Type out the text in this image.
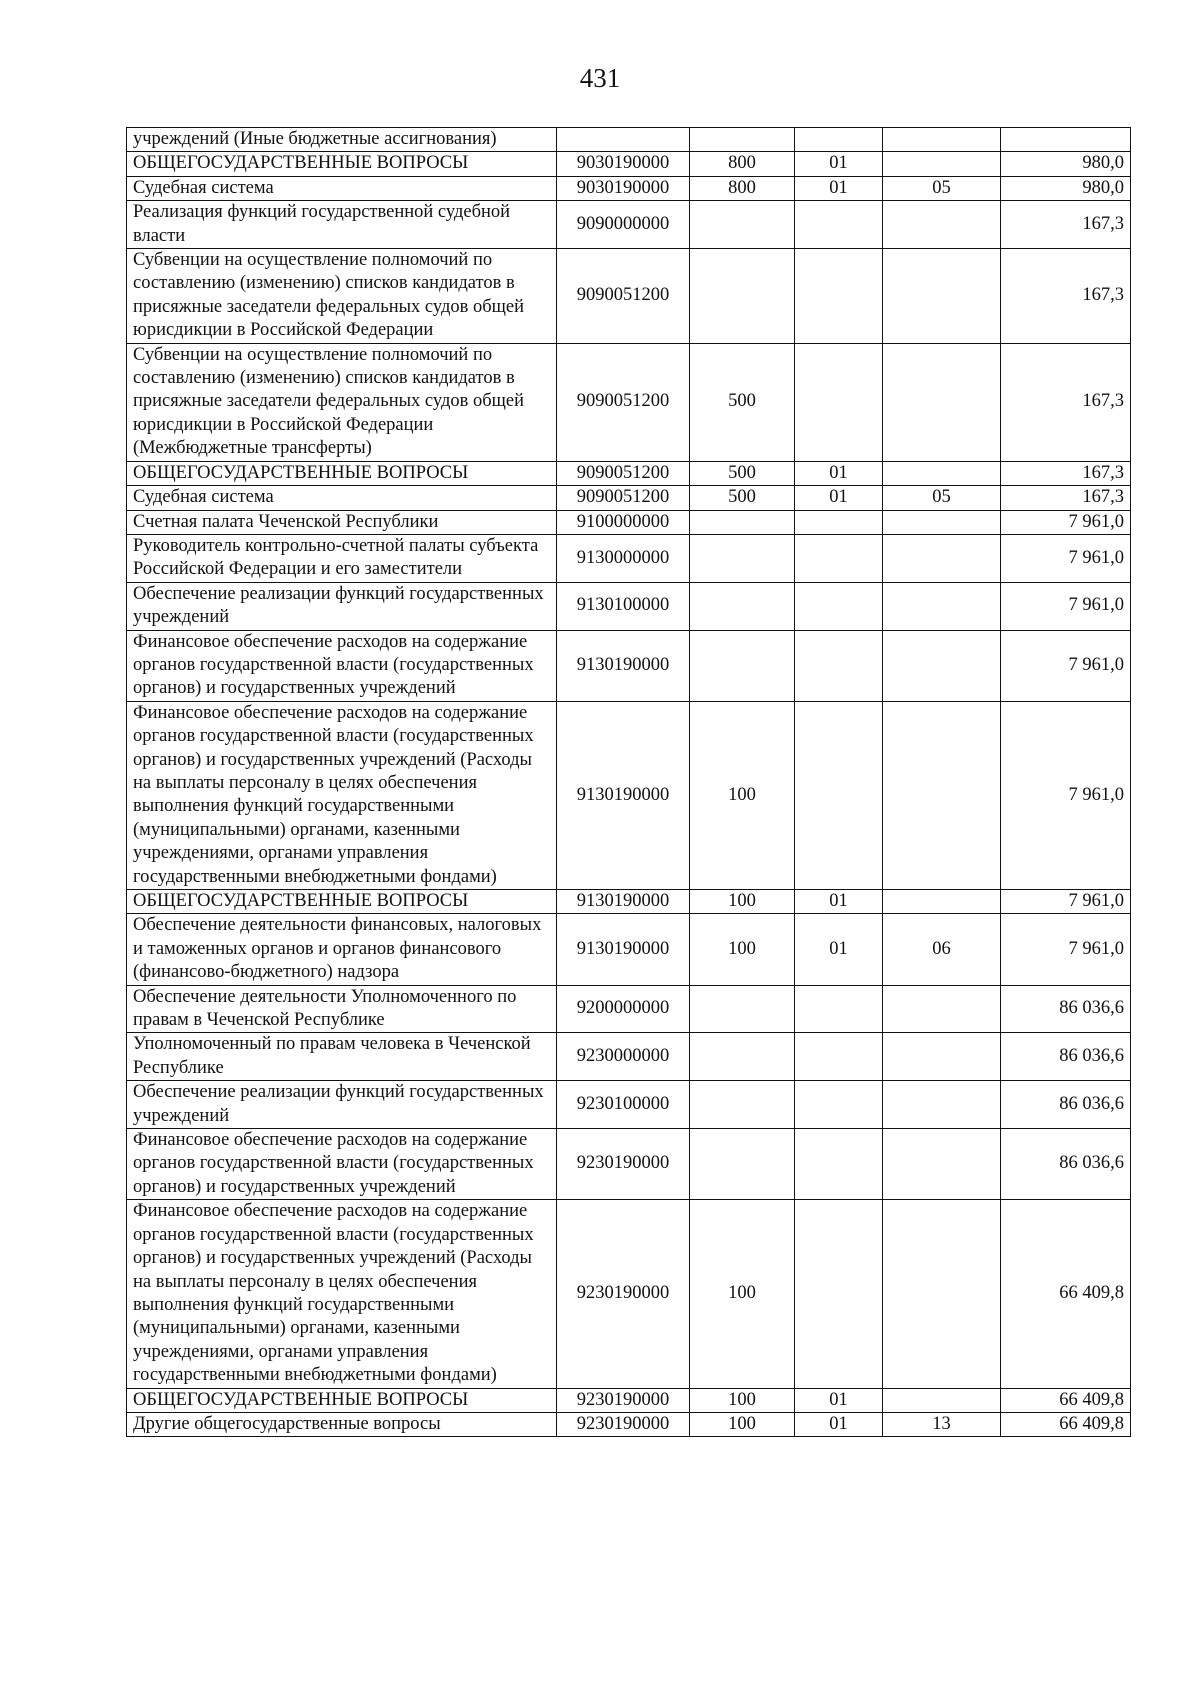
431
учреждений (Иные бюджетные ассигнования)					
ОБЩЕГОСУДАРСТВЕННЫЕ ВОПРОСЫ	9030190000	800	01		980,0
Судебная система	9030190000	800	01	05	980,0
Реализация функций государственной судебной власти	9090000000				167,3
Субвенции на осуществление полномочий по составлению (изменению) списков кандидатов в присяжные заседатели федеральных судов общей юрисдикции в Российской Федерации	9090051200				167,3
Субвенции на осуществление полномочий по составлению (изменению) списков кандидатов в присяжные заседатели федеральных судов общей юрисдикции в Российской Федерации (Межбюджетные трансферты)	9090051200	500			167,3
ОБЩЕГОСУДАРСТВЕННЫЕ ВОПРОСЫ	9090051200	500	01		167,3
Судебная система	9090051200	500	01	05	167,3
Счетная палата Чеченской Республики	9100000000				7 961,0
Руководитель контрольно-счетной палаты субъекта Российской Федерации и его заместители	9130000000				7 961,0
Обеспечение реализации функций государственных учреждений	9130100000				7 961,0
Финансовое обеспечение расходов на содержание органов государственной власти (государственных органов) и государственных учреждений	9130190000				7 961,0
Финансовое обеспечение расходов на содержание органов государственной власти (государственных органов) и государственных учреждений (Расходы на выплаты персоналу в целях обеспечения выполнения функций государственными (муниципальными) органами, казенными учреждениями, органами управления государственными внебюджетными фондами)	9130190000	100			7 961,0
ОБЩЕГОСУДАРСТВЕННЫЕ ВОПРОСЫ	9130190000	100	01		7 961,0
Обеспечение деятельности финансовых, налоговых и таможенных органов и органов финансового (финансово-бюджетного) надзора	9130190000	100	01	06	7 961,0
Обеспечение деятельности Уполномоченного по правам в Чеченской Республике	9200000000				86 036,6
Уполномоченный по правам человека в Чеченской Республике	9230000000				86 036,6
Обеспечение реализации функций государственных учреждений	9230100000				86 036,6
Финансовое обеспечение расходов на содержание органов государственной власти (государственных органов) и государственных учреждений	9230190000				86 036,6
Финансовое обеспечение расходов на содержание органов государственной власти (государственных органов) и государственных учреждений (Расходы на выплаты персоналу в целях обеспечения выполнения функций государственными (муниципальными) органами, казенными учреждениями, органами управления государственными внебюджетными фондами)	9230190000	100			66 409,8
ОБЩЕГОСУДАРСТВЕННЫЕ ВОПРОСЫ	9230190000	100	01		66 409,8
Другие общегосударственные вопросы	9230190000	100	01	13	66 409,8
